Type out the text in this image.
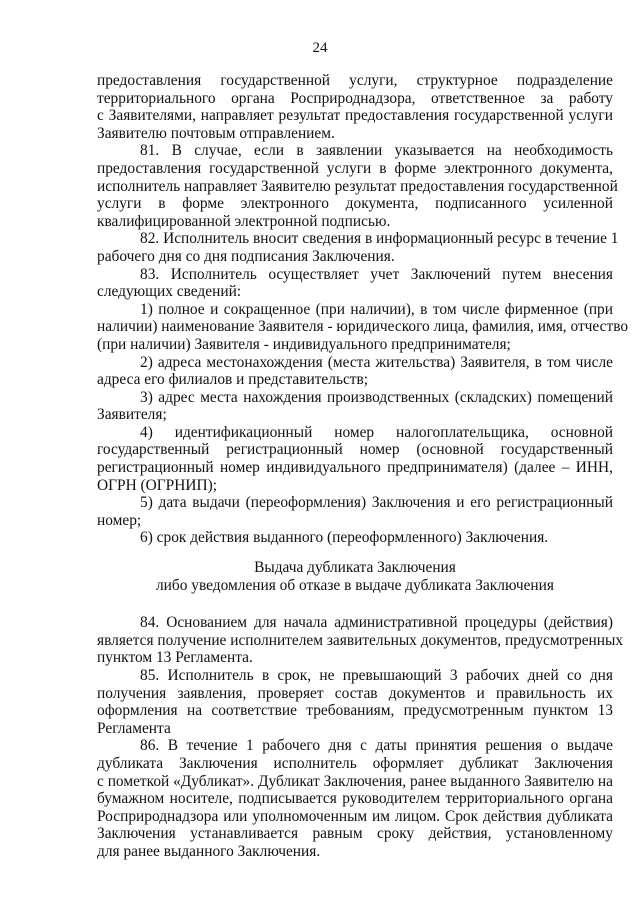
24
предоставления государственной услуги, структурное подразделение
территориального органа Росприроднадзора, ответственное за работу
с Заявителями, направляет результат предоставления государственной услуги
Заявителю почтовым отправлением.
81. В случае, если в заявлении указывается на необходимость
предоставления государственной услуги в форме электронного документа,
исполнитель направляет Заявителю результат предоставления государственной
услуги в форме электронного документа, подписанного усиленной
квалифицированной электронной подписью.
82. Исполнитель вносит сведения в информационный ресурс в течение 1
рабочего дня со дня подписания Заключения.
83. Исполнитель осуществляет учет Заключений путем внесения
следующих сведений:
1) полное и сокращенное (при наличии), в том числе фирменное (при
наличии) наименование Заявителя - юридического лица, фамилия, имя, отчество
(при наличии) Заявителя - индивидуального предпринимателя;
2) адреса местонахождения (места жительства) Заявителя, в том числе
адреса его филиалов и представительств;
3) адрес места нахождения производственных (складских) помещений
Заявителя;
4) идентификационный номер налогоплательщика, основной
государственный регистрационный номер (основной государственный
регистрационный номер индивидуального предпринимателя) (далее – ИНН,
ОГРН (ОГРНИП);
5) дата выдачи (переоформления) Заключения и его регистрационный
номер;
6) срок действия выданного (переоформленного) Заключения.
Выдача дубликата Заключения
либо уведомления об отказе в выдаче дубликата Заключения
84. Основанием для начала административной процедуры (действия)
является получение исполнителем заявительных документов, предусмотренных
пунктом 13 Регламента.
85. Исполнитель в срок, не превышающий 3 рабочих дней со дня
получения заявления, проверяет состав документов и правильность их
оформления на соответствие требованиям, предусмотренным пунктом 13
Регламента
86. В течение 1 рабочего дня с даты принятия решения о выдаче
дубликата Заключения исполнитель оформляет дубликат Заключения
с пометкой «Дубликат». Дубликат Заключения, ранее выданного Заявителю на
бумажном носителе, подписывается руководителем территориального органа
Росприроднадзора или уполномоченным им лицом. Срок действия дубликата
Заключения устанавливается равным сроку действия, установленному
для ранее выданного Заключения.
